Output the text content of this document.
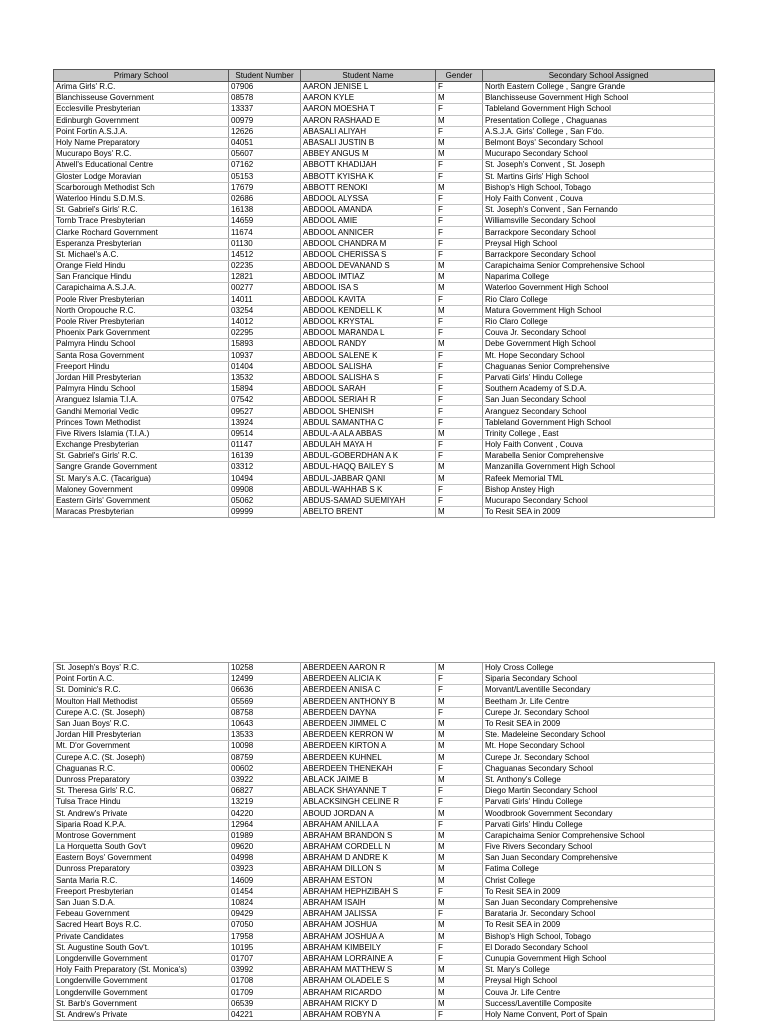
Primary School	Student Number	Student Name	Gender	Secondary School Assigned
Arima Girls' R.C.	07906	AARON JENISE L	F	North Eastern College , Sangre Grande
Blanchisseuse Government	08578	AARON KYLE	M	Blanchisseuse Government High School
Ecclesville Presbyterian	13337	AARON MOESHA T	F	Tableland Government High School
Edinburgh Government	00979	AARON RASHAAD E	M	Presentation College , Chaguanas
Point Fortin A.S.J.A.	12626	ABASALI ALIYAH	F	A.S.J.A. Girls' College , San F'do.
Holy Name Preparatory	04051	ABASALI JUSTIN B	M	Belmont Boys' Secondary School
Mucurapo Boys' R.C.	05607	ABBEY ANGUS M	M	Mucurapo Secondary School
Atwell's Educational Centre	07162	ABBOTT KHADIJAH	F	St. Joseph's Convent , St. Joseph
Gloster Lodge Moravian	05153	ABBOTT KYISHA K	F	St. Martins Girls' High School
Scarborough Methodist Sch	17679	ABBOTT RENOKI	M	Bishop's High School, Tobago
Waterloo Hindu S.D.M.S.	02686	ABDOOL ALYSSA	F	Holy Faith Convent , Couva
St. Gabriel's Girls' R.C.	16138	ABDOOL AMANDA	F	St. Joseph's Convent , San Fernando
Tornb Trace Presbyterian	14659	ABDOOL AMIE	F	Williamsville Secondary School
Clarke Rochard Government	11674	ABDOOL ANNICER	F	Barrackpore Secondary School
Esperanza Presbyterian	01130	ABDOOL CHANDRA M	F	Preysal High School
St. Michael's A.C.	14512	ABDOOL CHERISSA S	F	Barrackpore Secondary School
Orange Field Hindu	02235	ABDOOL DEVANAND S	M	Carapichaima Senior Comprehensive School
San Francique Hindu	12821	ABDOOL IMTIAZ	M	Naparima College
Carapichaima A.S.J.A.	00277	ABDOOL ISA S	M	Waterloo Government High School
Poole River Presbyterian	14011	ABDOOL KAVITA	F	Rio Claro College
North Oropouche R.C.	03254	ABDOOL KENDELL K	M	Matura Government High School
Poole River Presbyterian	14012	ABDOOL KRYSTAL	F	Rio Claro College
Phoenix Park Government	02295	ABDOOL MARANDA L	F	Couva Jr. Secondary School
Palmyra Hindu School	15893	ABDOOL RANDY	M	Debe Government High School
Santa Rosa Government	10937	ABDOOL SALENE K	F	Mt. Hope Secondary School
Freeport Hindu	01404	ABDOOL SALISHA	F	Chaguanas Senior Comprehensive
Jordan Hill Presbyterian	13532	ABDOOL SALISHA S	F	Parvati Girls' Hindu College
Palmyra Hindu School	15894	ABDOOL SARAH	F	Southern Academy of S.D.A.
Aranguez Islamia T.I.A.	07542	ABDOOL SERIAH R	F	San Juan Secondary School
Gandhi Memorial Vedic	09527	ABDOOL SHENISH	F	Aranguez Secondary School
Princes Town Methodist	13924	ABDUL SAMANTHA C	F	Tableland Government High School
Five Rivers Islamia (T.I.A.)	09514	ABDUL-A ALA ABBAS	M	Trinity College , East
Exchange Presbyterian	01147	ABDULAH MAYA H	F	Holy Faith Convent , Couva
St. Gabriel's Girls' R.C.	16139	ABDUL-GOBERDHAN A K	F	Marabella Senior Comprehensive
Sangre Grande Government	03312	ABDUL-HAQQ BAILEY S	M	Manzanilla Government High School
St. Mary's A.C. (Tacarigua)	10494	ABDUL-JABBAR QANI	M	Rafeek Memorial TML
Maloney Government	09908	ABDUL-WAHHAB S K	F	Bishop Anstey High
Eastern Girls' Government	05062	ABDUS-SAMAD SUEMIYAH	F	Mucurapo Secondary School
Maracas Presbyterian	09999	ABELTO BRENT	M	To Resit SEA in 2009
St. Joseph's Boys' R.C.	10258	ABERDEEN AARON R	M	Holy Cross College
Point Fortin A.C.	12499	ABERDEEN ALICIA K	F	Siparia Secondary School
St. Dominic's R.C.	06636	ABERDEEN ANISA C	F	Morvant/Laventille Secondary
Moulton Hall Methodist	05569	ABERDEEN ANTHONY B	M	Beetham Jr. Life Centre
Curepe A.C. (St. Joseph)	08758	ABERDEEN DAYNA	F	Curepe Jr. Secondary School
San Juan Boys' R.C.	10643	ABERDEEN JIMMEL C	M	To Resit SEA in 2009
Jordan Hill Presbyterian	13533	ABERDEEN KERRON W	M	Ste. Madeleine Secondary School
Mt. D'or Government	10098	ABERDEEN KIRTON A	M	Mt. Hope Secondary School
Curepe A.C. (St. Joseph)	08759	ABERDEEN KUHNEL	M	Curepe Jr. Secondary School
Chaguanas R.C.	00602	ABERDEEN THENEKAH	F	Chaguanas Secondary School
Dunross Preparatory	03922	ABLACK JAIME B	M	St. Anthony's College
St. Theresa Girls' R.C.	06827	ABLACK SHAYANNE T	F	Diego Martin Secondary School
Tulsa Trace Hindu	13219	ABLACKSINGH CELINE R	F	Parvati Girls' Hindu College
St. Andrew's Private	04220	ABOUD JORDAN A	M	Woodbrook Government Secondary
Siparia Road K.P.A.	12964	ABRAHAM ANILLA A	F	Parvati Girls' Hindu College
Montrose Government	01989	ABRAHAM BRANDON S	M	Carapichaima Senior Comprehensive School
La Horquetta South Gov't	09620	ABRAHAM CORDELL N	M	Five Rivers Secondary School
Eastern Boys' Government	04998	ABRAHAM D ANDRE K	M	San Juan Secondary Comprehensive
Dunross Preparatory	03923	ABRAHAM DILLON S	M	Fatima College
Santa Maria R.C.	14609	ABRAHAM ESTON	M	Christ College
Freeport Presbyterian	01454	ABRAHAM HEPHZIBAH S	F	To Resit SEA in 2009
San Juan S.D.A.	10824	ABRAHAM ISAIH	M	San Juan Secondary Comprehensive
Febeau Government	09429	ABRAHAM JALISSA	F	Barataria Jr. Secondary School
Sacred Heart Boys R.C.	07050	ABRAHAM JOSHUA	M	To Resit SEA in 2009
Private Candidates	17958	ABRAHAM JOSHUA A	M	Bishop's High School, Tobago
St. Augustine South Gov't.	10195	ABRAHAM KIMBEILY	F	El Dorado Secondary School
Longdenville Government	01707	ABRAHAM LORRAINE A	F	Cunupia Government High School
Holy Faith Preparatory (St. Monica's)	03992	ABRAHAM MATTHEW S	M	St. Mary's College
Longdenville Government	01708	ABRAHAM OLADELE S	M	Preysal High School
Longdenville Government	01709	ABRAHAM RICARDO	M	Couva Jr. Life Centre
St. Barb's Government	06539	ABRAHAM RICKY D	M	Success/Laventille Composite
St. Andrew's Private	04221	ABRAHAM ROBYN A	F	Holy Name Convent, Port of Spain
